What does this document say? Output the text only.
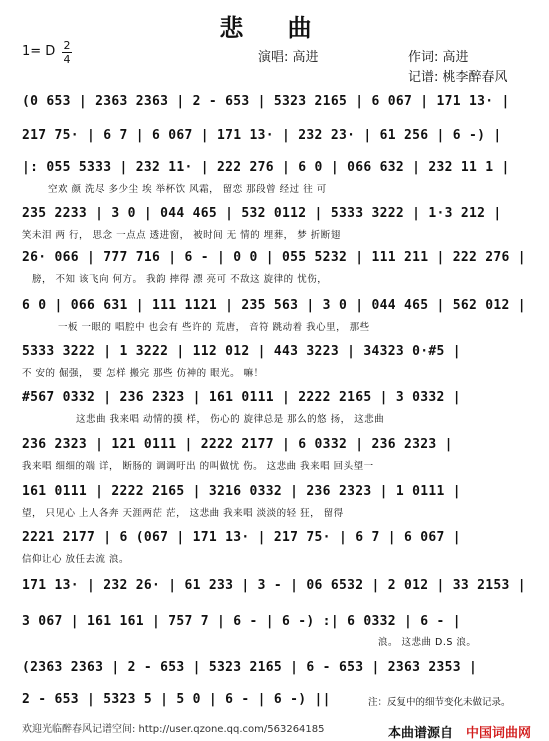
悲 曲
1= D 2
4	演唱: 高进	作词: 高进
记谱: 桃李醉春风
(0 653 | 2363 2363 | 2 - 653 | 5323 2165 | 6 067 | 171 13· |
217 75· | 6 7 | 6 067 | 171 13· | 232 23· | 61 256 | 6 -) |
|: 055 5333 | 232 11· | 222 276 | 6 0 | 066 632 | 232 11 1 |
空欢 颜 洗尽 多少尘 埃 举杯饮 风霜， 留恋 那段曾 经过 往 可
235 2233 | 3 0 | 044 465 | 532 0112 | 5333 3222 | 1·3 212 |
笑未泪 两 行， 思念 一点点 透进窗， 被时间 无 情的 埋葬， 梦 折断翅
26· 066 | 777 716 | 6 - | 0 0 | 055 5232 | 111 211 | 222 276 |
膀， 不知 该飞向 何方。 我韵 摔得 漂 亮可 不敌这 旋律的 忧伤，
6 0 | 066 631 | 111 1121 | 235 563 | 3 0 | 044 465 | 562 012 |
一板 一眼的 唱腔中 也会有 些许的 荒唐， 音符 跳动着 我心里， 那些
5333 3222 | 1 3222 | 112 012 | 443 3223 | 34323 0·#5 |
不 安的 倔强， 要 怎样 搬完 那些 仿神的 眼光。 嘛！
#567 0332 | 236 2323 | 161 0111 | 2222 2165 | 3 0332 |
这悲曲 我来唱 动情的摸 样， 伤心的 旋律总是 那么的悠 扬， 这悲曲
236 2323 | 121 0111 | 2222 2177 | 6 0332 | 236 2323 |
我来唱 细细的端 详， 断肠的 调调吁出 的叫做忧 伤。 这悲曲 我来唱 回头望一
161 0111 | 2222 2165 | 3216 0332 | 236 2323 | 1 0111 |
望， 只见心 上人各奔 天涯两茫 茫， 这悲曲 我来唱 淡淡的轻 狂， 留得
2221 2177 | 6 (067 | 171 13· | 217 75· | 6 7 | 6 067 |
信仰让心 放任去流 浪。
171 13· | 232 26· | 61 233 | 3 - | 06 6532 | 2 012 | 33 2153 |
3 067 | 161 161 | 757 7 | 6 - | 6 -) :| 6 0332 | 6 - |
浪。 这悲曲 D.S 浪。
(2363 2363 | 2 - 653 | 5323 2165 | 6 - 653 | 2363 2353 |
2 - 653 | 5323 5 | 5 0 | 6 - | 6 -) ||	注：反复中的细节变化未做记录。
欢迎光临醉春风记谱空间: http://user.qzone.qq.com/563264185	本曲谱源自 中国词曲网
